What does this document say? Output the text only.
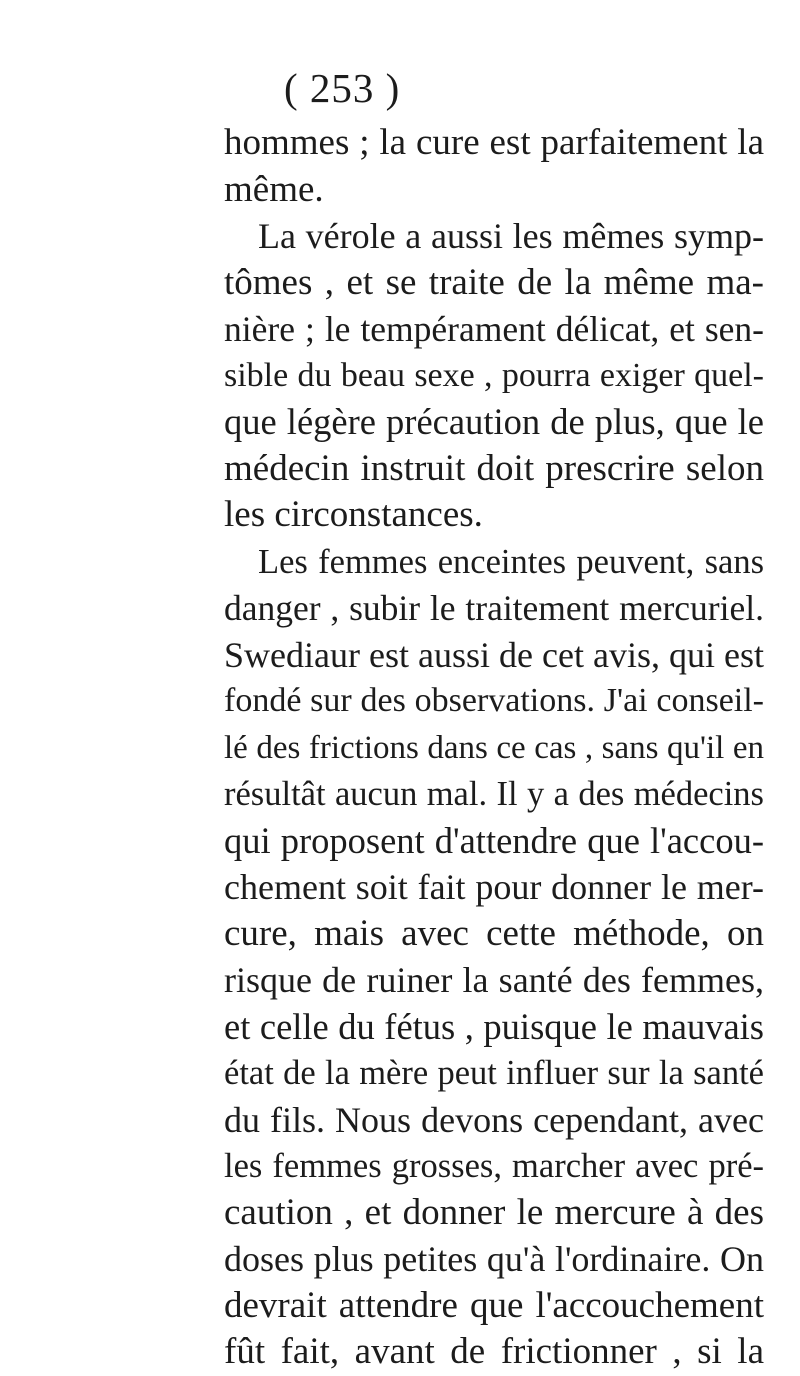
( 253 )
hommes ; la cure est parfaitement la
même.
La vérole a aussi les mêmes symp-
tômes , et se traite de la même ma-
nière ; le tempérament délicat, et sen-
sible du beau sexe , pourra exiger quel-
que légère précaution de plus, que le
médecin instruit doit prescrire selon
les circonstances.
Les femmes enceintes peuvent, sans
danger , subir le traitement mercuriel.
Swediaur est aussi de cet avis, qui est
fondé sur des observations. J'ai conseil-
lé des frictions dans ce cas , sans qu'il en
résultât aucun mal. Il y a des médecins
qui proposent d'attendre que l'accou-
chement soit fait pour donner le mer-
cure, mais avec cette méthode, on
risque de ruiner la santé des femmes,
et celle du fétus , puisque le mauvais
état de la mère peut influer sur la santé
du fils. Nous devons cependant, avec
les femmes grosses, marcher avec pré-
caution , et donner le mercure à des
doses plus petites qu'à l'ordinaire. On
devrait attendre que l'accouchement
fût fait, avant de frictionner , si la
